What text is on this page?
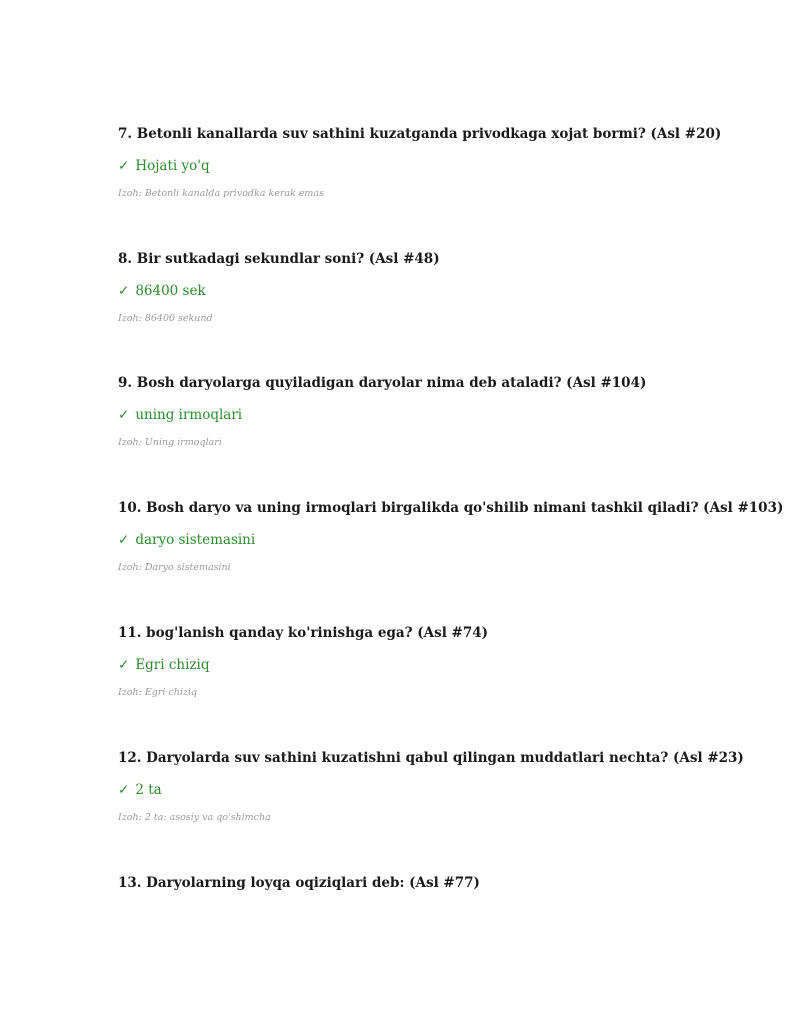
7. Betonli kanallarda suv sathini kuzatganda privodkaga xojat bormi? (Asl #20)

✓ Hojati yo'q

Izoh: Betonli kanalda privodka kerak emas

8. Bir sutkadagi sekundlar soni? (Asl #48)

✓ 86400 sek

Izoh: 86400 sekund

9. Bosh daryolarga quyiladigan daryolar nima deb ataladi? (Asl #104)

✓ uning irmoqlari

Izoh: Uning irmoqlari

10. Bosh daryo va uning irmoqlari birgalikda qo'shilib nimani tashkil qiladi? (Asl #103)

✓ daryo sistemasini

Izoh: Daryo sistemasini

11. bog'lanish qanday ko'rinishga ega? (Asl #74)

✓ Egri chiziq

Izoh: Egri chiziq

12. Daryolarda suv sathini kuzatishni qabul qilingan muddatlari nechta? (Asl #23)

✓ 2 ta

Izoh: 2 ta: asosiy va qo'shimcha

13. Daryolarning loyqa oqiziqlari deb: (Asl #77)
